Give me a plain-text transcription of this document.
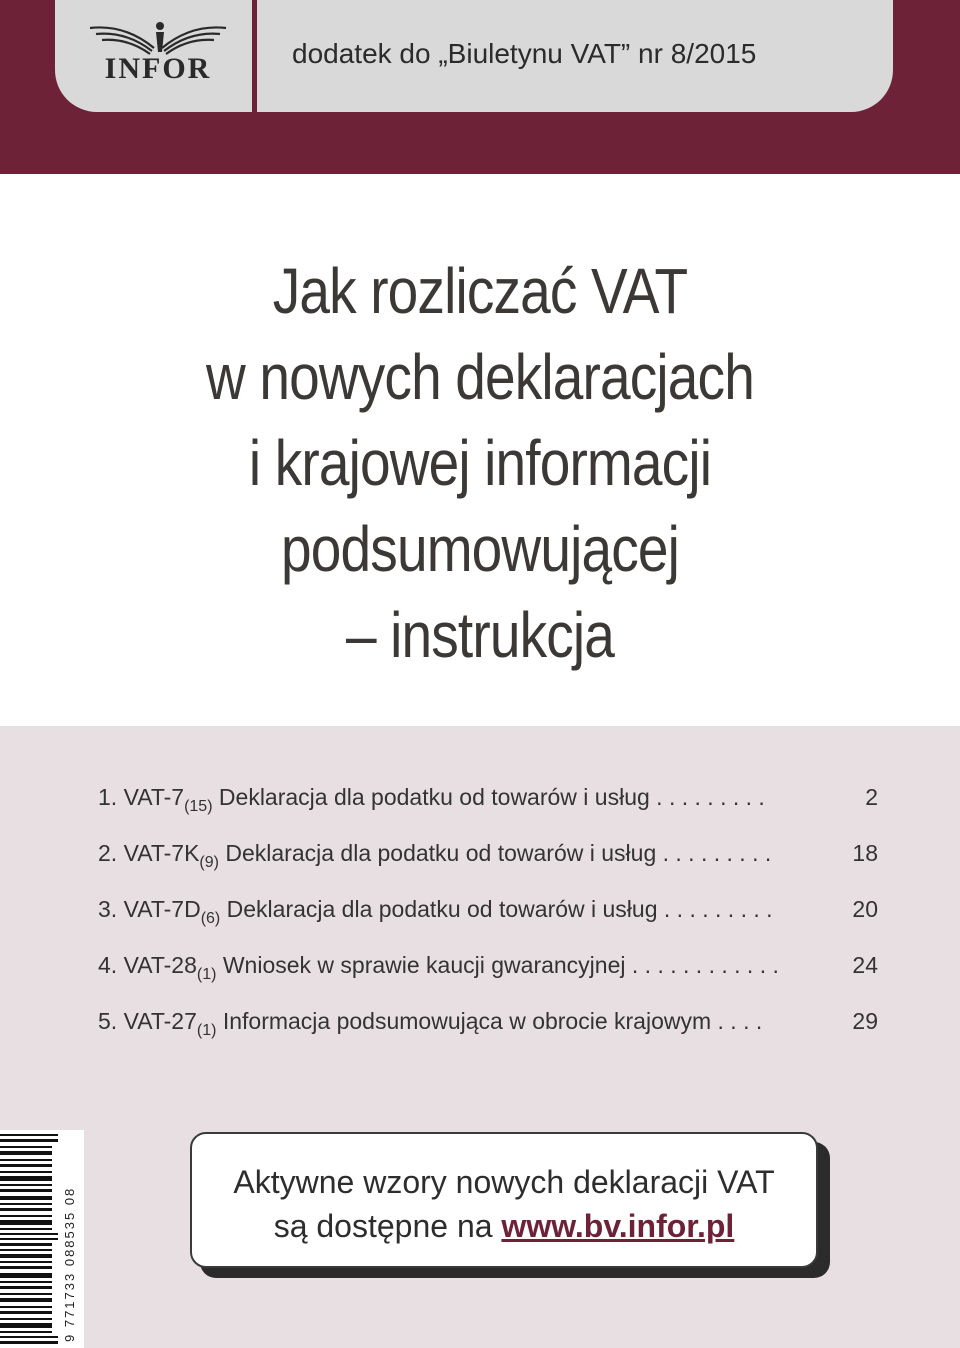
INFOR	dodatek do „Biuletynu VAT” nr 8/2015
Jak rozliczać VAT
w nowych deklaracjach
i krajowej informacji
podsumowującej
– instrukcja
1. VAT-$7_{(15)}$ Deklaracja dla podatku od towarów i usług . . . . . . . . .	2
2. VAT-$7K_{(9)}$ Deklaracja dla podatku od towarów i usług . . . . . . . . .	18
3. VAT-$7D_{(6)}$ Deklaracja dla podatku od towarów i usług . . . . . . . . .	20
4. VAT-$28_{(1)}$ Wniosek w sprawie kaucji gwarancyjnej . . . . . . . . . . . .	24
5. VAT-$27_{(1)}$ Informacja podsumowująca w obrocie krajowym . . . .	29
9 771733 088535 08
Aktywne wzory nowych deklaracji VAT
są dostępne na www.bv.infor.pl
